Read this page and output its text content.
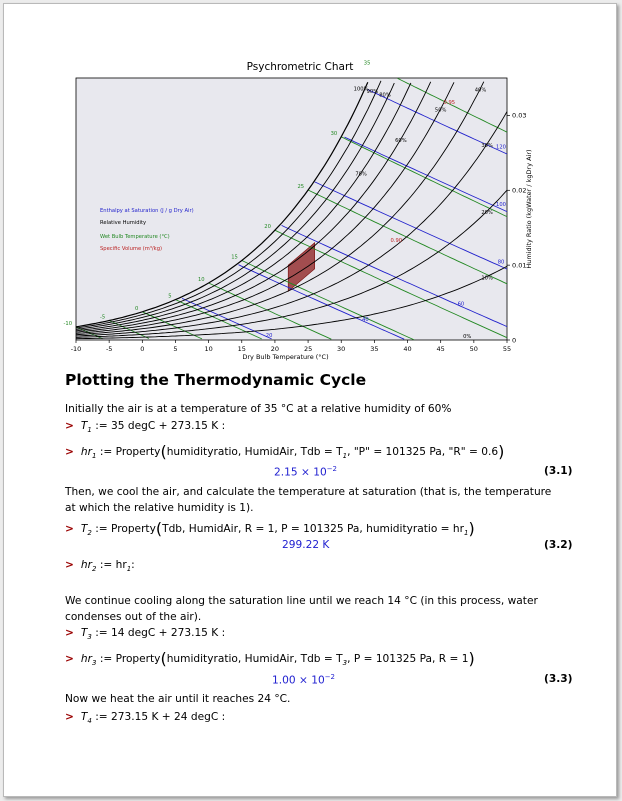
Psychrometric Chart
100%
90%
80%
70%
60%
50%
40%
30%
20%
10%
0%
-10
-5
0
5
10
15
20
25
30
35
20
40
60
80
100
120
0.90
0.95
-10	-5	0	5	10	15	20	25	30	35	40	45	50	55
Dry Bulb Temperature (°C)
0
0.01
0.02
0.03
Humidity Ratio (kgWater / kgDry Air)
Enthalpy at Saturation (J / g Dry Air)
Relative Humidity
Wet Bulb Temperature (°C)
Specific Volume (m³/kg)
Plotting the Thermodynamic Cycle
Initially the air is at a temperature of 35 °C at a relative humidity of 60%
> $T_1$ := 35 degC + 273.15 K :
> $hr_1$ := Property(humidityratio, HumidAir, Tdb = $T_1$, "P" = 101325 Pa, "R" = 0.6)
$2.15 \times 10^{-2}$	(3.1)
Then, we cool the air, and calculate the temperature at saturation (that is, the temperature at which the relative humidity is 1).
> $T_2$ := Property(Tdb, HumidAir, R = 1, P = 101325 Pa, humidityratio = $hr_1$)
299.22 K	(3.2)
> $hr_2$ := $hr_1$:
We continue cooling along the saturation line until we reach 14 °C (in this process, water condenses out of the air).
> $T_3$ := 14 degC + 273.15 K :
> $hr_3$ := Property(humidityratio, HumidAir, Tdb = $T_3$, P = 101325 Pa, R = 1)
$1.00 \times 10^{-2}$	(3.3)
Now we heat the air until it reaches 24 °C.
> $T_4$ := 273.15 K + 24 degC :
